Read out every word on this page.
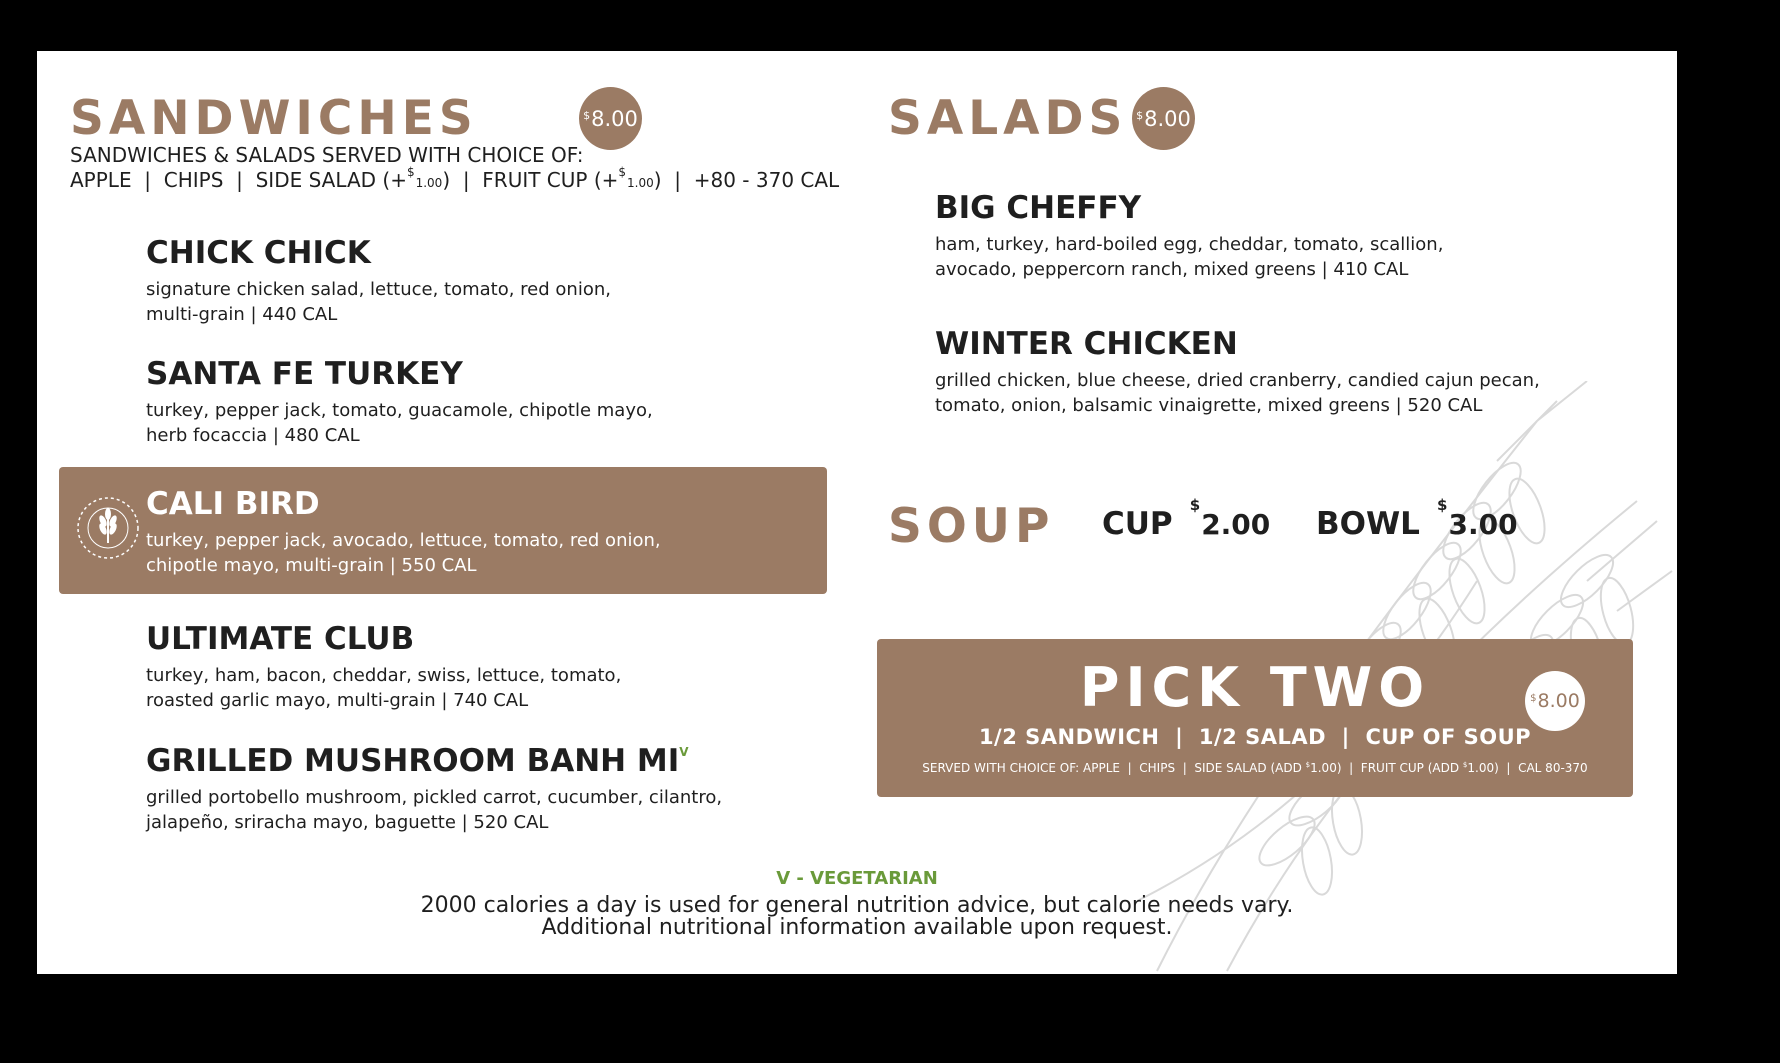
SANDWICHES	$ 8.00
SANDWICHES & SALADS SERVED WITH CHOICE OF:
APPLE  |  CHIPS  |  SIDE SALAD (+$1.00)  |  FRUIT CUP (+$1.00)  |  +80 - 370 CAL
CHICK CHICK
signature chicken salad, lettuce, tomato, red onion,
multi-grain | 440 CAL
SANTA FE TURKEY
turkey, pepper jack, tomato, guacamole, chipotle mayo,
herb focaccia | 480 CAL
CALI BIRD
turkey, pepper jack, avocado, lettuce, tomato, red onion,
chipotle mayo, multi-grain | 550 CAL
ULTIMATE CLUB
turkey, ham, bacon, cheddar, swiss, lettuce, tomato,
roasted garlic mayo, multi-grain | 740 CAL
GRILLED MUSHROOM BANH $MI^V$
grilled portobello mushroom, pickled carrot, cucumber, cilantro,
jalapeño, sriracha mayo, baguette | 520 CAL
SALADS $ 8.00
BIG CHEFFY
ham, turkey, hard-boiled egg, cheddar, tomato, scallion,
avocado, peppercorn ranch, mixed greens | 410 CAL
WINTER CHICKEN
grilled chicken, blue cheese, dried cranberry, candied cajun pecan,
tomato, onion, balsamic vinaigrette, mixed greens | 520 CAL
SOUP CUP $2.00 BOWL $3.00
PICK TWO
1/2 SANDWICH  |  1/2 SALAD  |  CUP OF SOUP
SERVED WITH CHOICE OF: APPLE  |  CHIPS  |  SIDE SALAD (ADD $1.00)  |  FRUIT CUP (ADD $1.00)  |  CAL 80-370
$ 8.00
V - VEGETARIAN
2000 calories a day is used for general nutrition advice, but calorie needs vary.
Additional nutritional information available upon request.
